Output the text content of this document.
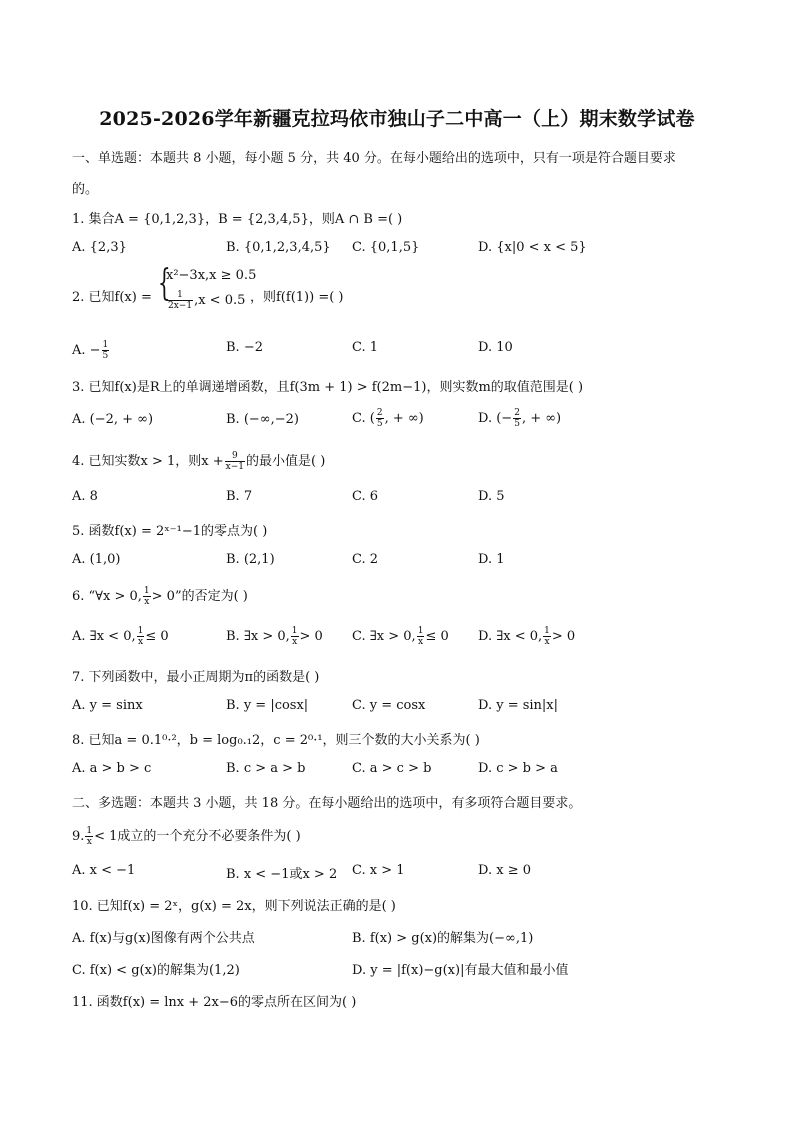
2025-2026学年新疆克拉玛依市独山子二中高一（上）期末数学试卷
一、单选题：本题共 8 小题，每小题 5 分，共 40 分。在每小题给出的选项中，只有一项是符合题目要求
的。
1. 集合A = {0,1,2,3}，B = {2,3,4,5}，则A ∩ B =( )
A. {2,3}	B. {0,1,2,3,4,5} C. {0,1,5}	D. {x|0 < x < 5}
2. 已知f(x) = {
x²−3x,x ≥ 0.5
$\frac{1}{2x-1} ,x < 0.5$ ，则f(f(1)) =( )
A. − $\frac{1}{5}$	B. −2	C. 1	D. 10
3. 已知f(x)是R上的单调递增函数，且f(3m + 1) > f(2m−1)，则实数m的取值范围是( )
A. (−2, + ∞)	B. (−∞,−2)	C. ( $\frac{2}{5}$ , + ∞)	D. (− $\frac{2}{5}$ , + ∞)
4. 已知实数x > 1，则$x + \frac{9}{x-1}$ 的最小值是( )
A. 8	B. 7	C. 6	D. 5
5. 函数f(x) = 2ˣ⁻¹−1的零点为( )
A. (1,0)	B. (2,1)	C. 2	D. 1
6. “∀x > 0, $\frac{1}{x} > 0$”的否定为( )
A. ∃x < 0, $\frac{1}{x} \le 0$	B. ∃x > 0, $\frac{1}{x} > 0$ C. ∃x > 0, $\frac{1}{x} \le 0$ D. ∃x < 0, $\frac{1}{x} > 0$
7. 下列函数中，最小正周期为π的函数是( )
A. y = sinx	B. y = |cosx|	C. y = cosx	D. y = sin|x|
8. 已知a = 0.1⁰·²，b = log₀.₁2，c = 2⁰·¹，则三个数的大小关系为( )
A. a > b > c	B. c > a > b	C. a > c > b	D. c > b > a
二、多选题：本题共 3 小题，共 18 分。在每小题给出的选项中，有多项符合题目要求。
9. $\frac{1}{x} < 1$成立的一个充分不必要条件为( )
A. x < −1	B. x < −1或x > 2 C. x > 1	D. x ≥ 0
10. 已知f(x) = 2ˣ，g(x) = 2x，则下列说法正确的是( )
A. f(x)与g(x)图像有两个公共点	B. f(x) > g(x)的解集为(−∞,1)
C. f(x) < g(x)的解集为(1,2)	D. y = |f(x)−g(x)|有最大值和最小值
11. 函数f(x) = lnx + 2x−6的零点所在区间为( )
